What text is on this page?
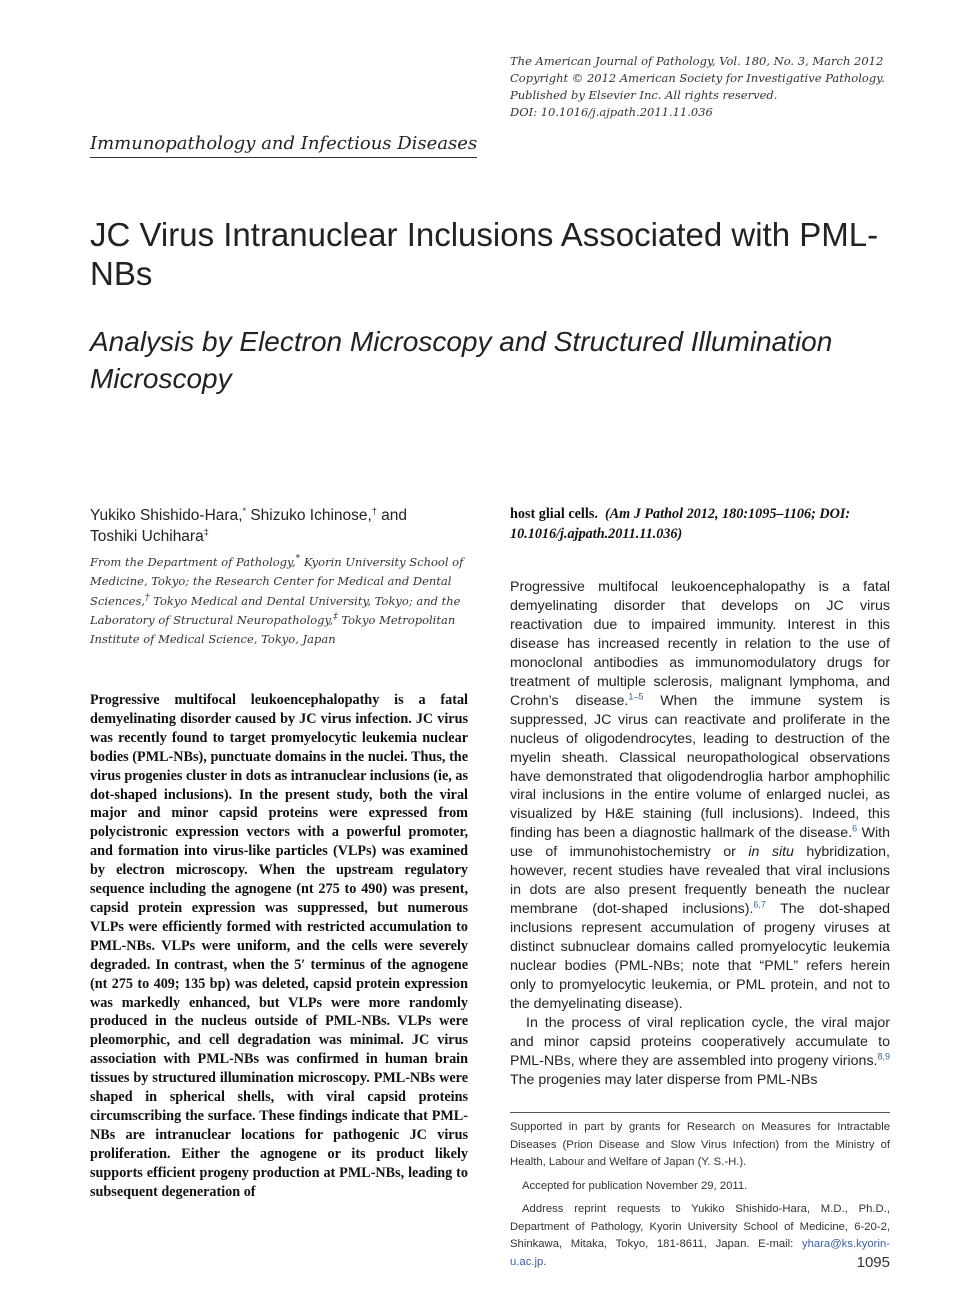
The American Journal of Pathology, Vol. 180, No. 3, March 2012
Copyright © 2012 American Society for Investigative Pathology.
Published by Elsevier Inc. All rights reserved.
DOI: 10.1016/j.ajpath.2011.11.036
Immunopathology and Infectious Diseases
JC Virus Intranuclear Inclusions Associated with PML-NBs
Analysis by Electron Microscopy and Structured Illumination Microscopy
Yukiko Shishido-Hara,* Shizuko Ichinose,† and
Toshiki Uchihara‡
From the Department of Pathology,* Kyorin University School of Medicine, Tokyo; the Research Center for Medical and Dental Sciences,† Tokyo Medical and Dental University, Tokyo; and the Laboratory of Structural Neuropathology,‡ Tokyo Metropolitan Institute of Medical Science, Tokyo, Japan
Progressive multifocal leukoencephalopathy is a fatal demyelinating disorder caused by JC virus infection. JC virus was recently found to target promyelocytic leukemia nuclear bodies (PML-NBs), punctuate domains in the nuclei. Thus, the virus progenies cluster in dots as intranuclear inclusions (ie, as dot-shaped inclusions). In the present study, both the viral major and minor capsid proteins were expressed from polycistronic expression vectors with a powerful promoter, and formation into virus-like particles (VLPs) was examined by electron microscopy. When the upstream regulatory sequence including the agnogene (nt 275 to 490) was present, capsid protein expression was suppressed, but numerous VLPs were efficiently formed with restricted accumulation to PML-NBs. VLPs were uniform, and the cells were severely degraded. In contrast, when the 5′ terminus of the agnogene (nt 275 to 409; 135 bp) was deleted, capsid protein expression was markedly enhanced, but VLPs were more randomly produced in the nucleus outside of PML-NBs. VLPs were pleomorphic, and cell degradation was minimal. JC virus association with PML-NBs was confirmed in human brain tissues by structured illumination microscopy. PML-NBs were shaped in spherical shells, with viral capsid proteins circumscribing the surface. These findings indicate that PML-NBs are intranuclear locations for pathogenic JC virus proliferation. Either the agnogene or its product likely supports efficient progeny production at PML-NBs, leading to subsequent degeneration of
host glial cells. (Am J Pathol 2012, 180:1095–1106; DOI: 10.1016/j.ajpath.2011.11.036)

Progressive multifocal leukoencephalopathy is a fatal demyelinating disorder that develops on JC virus reactivation due to impaired immunity. Interest in this disease has increased recently in relation to the use of monoclonal antibodies as immunomodulatory drugs for treatment of multiple sclerosis, malignant lymphoma, and Crohn’s disease.$^{1-5}$ When the immune system is suppressed, JC virus can reactivate and proliferate in the nucleus of oligodendrocytes, leading to destruction of the myelin sheath. Classical neuropathological observations have demonstrated that oligodendroglia harbor amphophilic viral inclusions in the entire volume of enlarged nuclei, as visualized by H&E staining (full inclusions). Indeed, this finding has been a diagnostic hallmark of the disease.$^6$ With use of immunohistochemistry or in situ hybridization, however, recent studies have revealed that viral inclusions in dots are also present frequently beneath the nuclear membrane (dot-shaped inclusions).$^{6,7}$ The dot-shaped inclusions represent accumulation of progeny viruses at distinct subnuclear domains called promyelocytic leukemia nuclear bodies (PML-NBs; note that “PML” refers herein only to promyelocytic leukemia, or PML protein, and not to the demyelinating disease).

In the process of viral replication cycle, the viral major and minor capsid proteins cooperatively accumulate to PML-NBs, where they are assembled into progeny virions.$^{8,9}$ The progenies may later disperse from PML-NBs

Supported in part by grants for Research on Measures for Intractable Diseases (Prion Disease and Slow Virus Infection) from the Ministry of Health, Labour and Welfare of Japan (Y. S.-H.).

Accepted for publication November 29, 2011.

Address reprint requests to Yukiko Shishido-Hara, M.D., Ph.D., Department of Pathology, Kyorin University School of Medicine, 6-20-2, Shinkawa, Mitaka, Tokyo, 181-8611, Japan. E-mail: yhara@ks.kyorin-u.ac.jp.	1095
